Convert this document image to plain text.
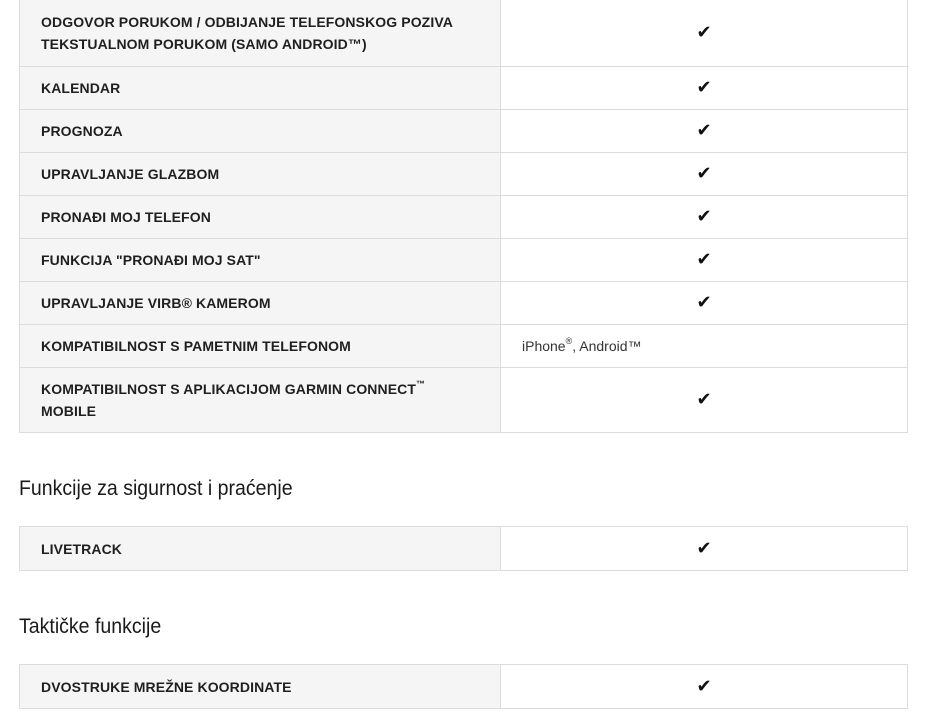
ODGOVOR PORUKOM / ODBIJANJE TELEFONSKOG POZIVA TEKSTUALNOM PORUKOM (SAMO ANDROID™)	✔
KALENDAR	✔
PROGNOZA	✔
UPRAVLJANJE GLAZBOM	✔
PRONAĐI MOJ TELEFON	✔
FUNKCIJA "PRONAĐI MOJ SAT"	✔
UPRAVLJANJE VIRB® KAMEROM	✔
KOMPATIBILNOST S PAMETNIM TELEFONOM	iPhone®, Android™
KOMPATIBILNOST S APLIKACIJOM GARMIN CONNECT™ MOBILE	✔
Funkcije za sigurnost i praćenje
LIVETRACK	✔
Taktičke funkcije
DVOSTRUKE MREŽNE KOORDINATE	✔
